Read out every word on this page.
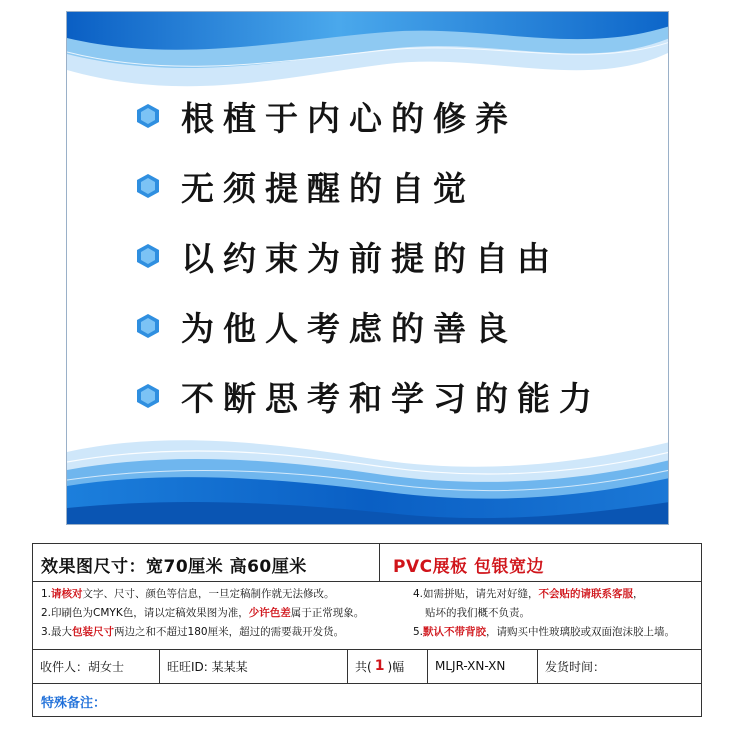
根植于内心的修养
无须提醒的自觉
以约束为前提的自由
为他人考虑的善良
不断思考和学习的能力
效果图尺寸：宽70厘米 高60厘米	PVC展板 包银宽边
1.请核对文字、尺寸、颜色等信息，一旦定稿制作就无法修改。
2.印刷色为CMYK色，请以定稿效果图为准，少许色差属于正常现象。
3.最大包装尺寸两边之和不超过180厘米，超过的需要裁开发货。
4.如需拼贴，请先对好缝，不会贴的请联系客服，
贴坏的我们概不负责。
5.默认不带背胶，请购买中性玻璃胶或双面泡沫胶上墙。
收件人：胡女士	旺旺ID: 某某某	共( 1 )幅	MLJR-XN-XN	发货时间：
特殊备注：
